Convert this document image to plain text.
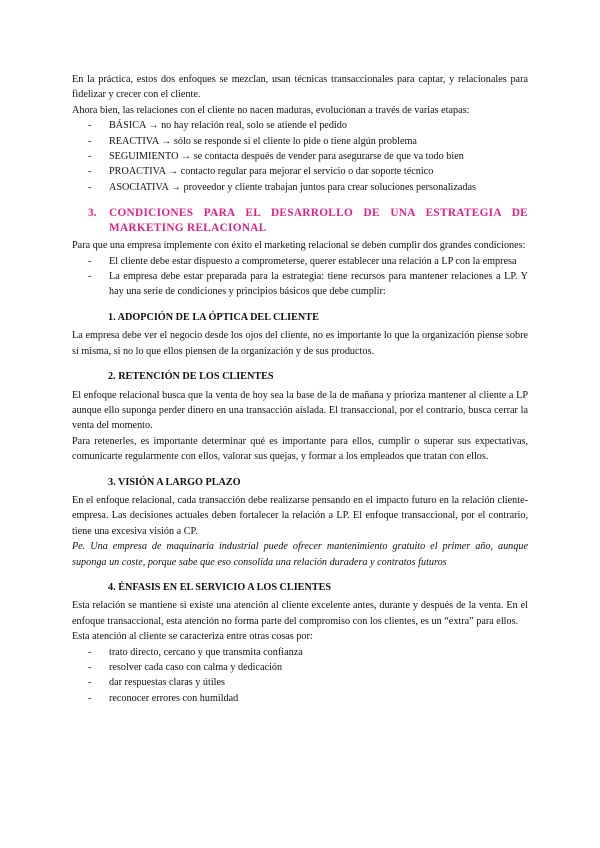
En la práctica, estos dos enfoques se mezclan, usan técnicas transaccionales para captar, y relacionales para fidelizar y crecer con el cliente.

Ahora bien, las relaciones con el cliente no nacen maduras, evolucionan a través de varias etapas:

- BÁSICA → no hay relación real, solo se atiende el pedido
- REACTIVA → sólo se responde si el cliente lo pide o tiene algún problema
- SEGUIMIENTO → se contacta después de vender para asegurarse de que va todo bien
- PROACTIVA → contacto regular para mejorar el servicio o dar soporte técnico
- ASOCIATIVA → proveedor y cliente trabajan juntos para crear soluciones personalizadas
3.	CONDICIONES PARA EL DESARROLLO DE UNA ESTRATEGIA DE MARKETING RELACIONAL

Para que una empresa implemente con éxito el marketing relacional se deben cumplir dos grandes condiciones:

- El cliente debe estar dispuesto a comprometerse, querer establecer una relación a LP con la empresa
- La empresa debe estar preparada para la estrategia: tiene recursos para mantener relaciones a LP. Y hay una serie de condiciones y principios básicos que debe cumplir:

1. ADOPCIÓN DE LA ÓPTICA DEL CLIENTE

La empresa debe ver el negocio desde los ojos del cliente, no es importante lo que la organización piense sobre sí misma, si no lo que ellos piensen de la organización y de sus productos.

2. RETENCIÓN DE LOS CLIENTES

El enfoque relacional busca que la venta de hoy sea la base de la de mañana y prioriza mantener al cliente a LP aunque ello suponga perder dinero en una transacción aislada. El transaccional, por el contrario, busca cerrar la venta del momento.

Para retenerles, es importante determinar qué es importante para ellos, cumplir o superar sus expectativas, comunicarte regularmente con ellos, valorar sus quejas, y formar a los empleados que tratan con ellos.

3. VISIÓN A LARGO PLAZO

En el enfoque relacional, cada transacción debe realizarse pensando en el impacto futuro en la relación cliente-empresa. Las decisiones actuales deben fortalecer la relación a LP. El enfoque transaccional, por el contrario, tiene una excesiva visión a CP.

Pe. Una empresa de maquinaria industrial puede ofrecer mantenimiento gratuito el primer año, aunque suponga un coste, porque sabe que eso consolida una relación duradera y contratos futuros

4. ÉNFASIS EN EL SERVICIO A LOS CLIENTES

Esta relación se mantiene si existe una atención al cliente excelente antes, durante y después de la venta. En el enfoque transaccional, esta atención no forma parte del compromiso con los clientes, es un “extra” para ellos.

Esta atención al cliente se caracteriza entre otras cosas por:

- trato directo, cercano y que transmita confianza
- resolver cada caso con calma y dedicación
- dar respuestas claras y útiles
- reconocer errores con humildad
